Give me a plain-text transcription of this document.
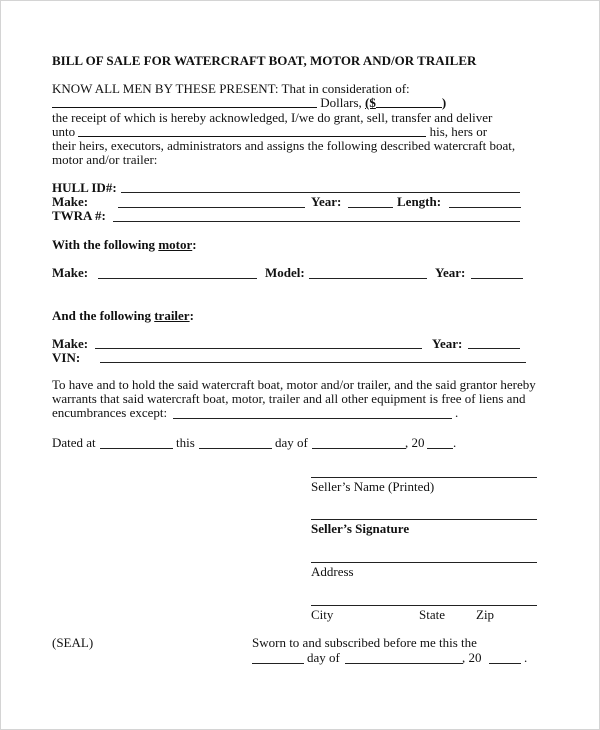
BILL OF SALE FOR WATERCRAFT BOAT, MOTOR AND/OR TRAILER
KNOW ALL MEN BY THESE PRESENT: That in consideration of:
Dollars, ($	)
the receipt of which is hereby acknowledged, I/we do grant, sell, transfer and deliver
unto	his, hers or
their heirs, executors, administrators and assigns the following described watercraft boat,
motor and/or trailer:
HULL ID#:
Make:	Year:	Length:
TWRA #:
With the following motor:
Make:	Model:	Year:
And the following trailer:
Make:	Year:
VIN:
To have and to hold the said watercraft boat, motor and/or trailer, and the said grantor hereby
warrants that said watercraft boat, motor, trailer and all other equipment is free of liens and
encumbrances except:	.
Dated at	this	day of	, 20 .
Seller’s Name (Printed)
Seller’s Signature
Address
City	State Zip
(SEAL)	Sworn to and subscribed before me this the
day of	, 20	.
